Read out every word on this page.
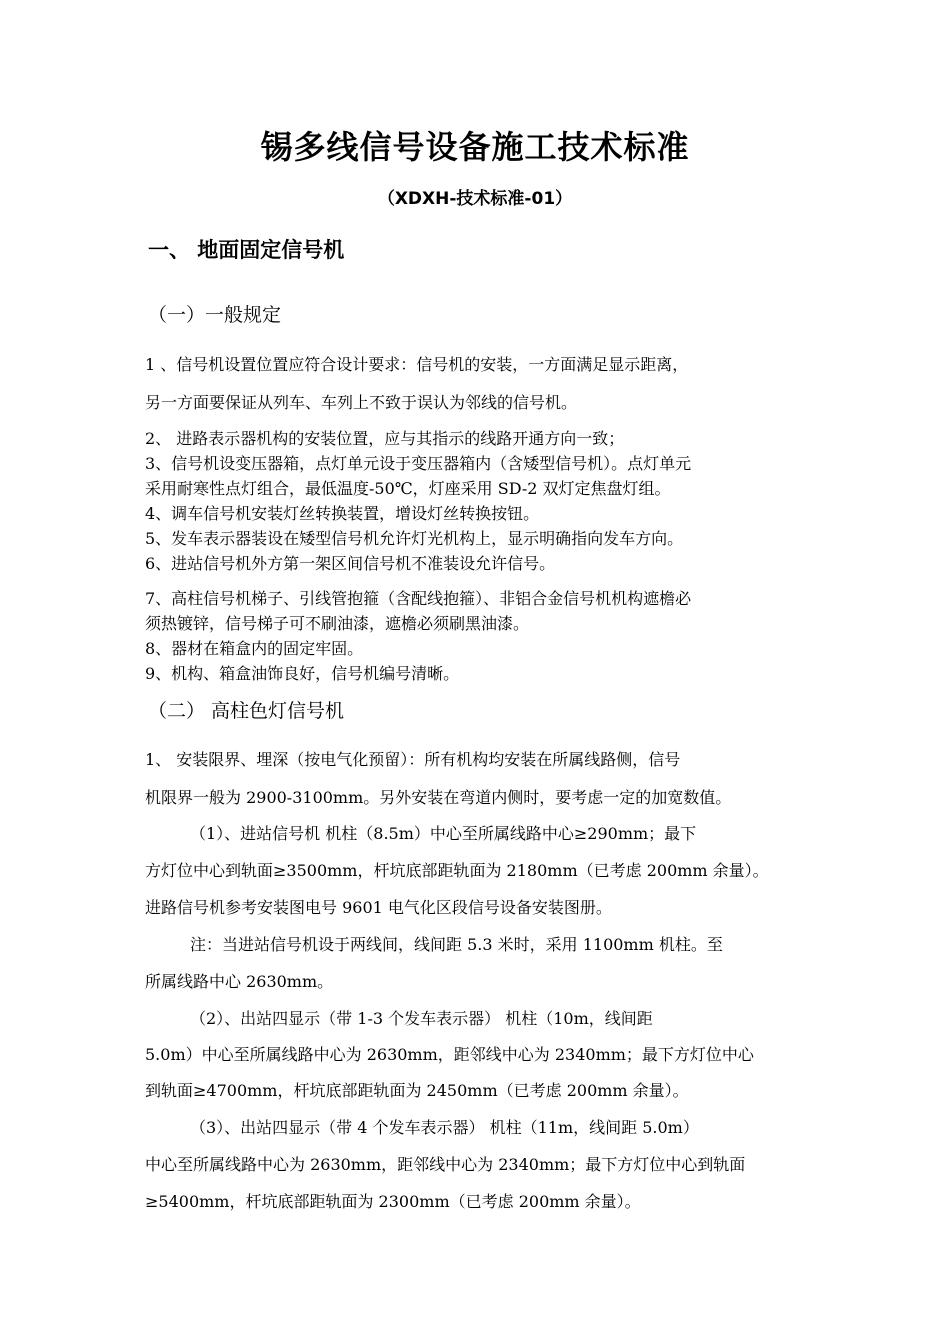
锡多线信号设备施工技术标准
（XDXH-技术标准-01）
一、 地面固定信号机
（一）一般规定
1 、信号机设置位置应符合设计要求：信号机的安装，一方面满足显示距离，
另一方面要保证从列车、车列上不致于误认为邻线的信号机。
2、 进路表示器机构的安装位置，应与其指示的线路开通方向一致；
3、信号机设变压器箱，点灯单元设于变压器箱内（含矮型信号机）。点灯单元
采用耐寒性点灯组合，最低温度-50℃，灯座采用 SD-2 双灯定焦盘灯组。
4、调车信号机安装灯丝转换装置，增设灯丝转换按钮。
5、发车表示器装设在矮型信号机允许灯光机构上，显示明确指向发车方向。
6、进站信号机外方第一架区间信号机不准装设允许信号。
7、高柱信号机梯子、引线管抱箍（含配线抱箍）、非铝合金信号机机构遮檐必
须热镀锌，信号梯子可不刷油漆，遮檐必须刷黑油漆。
8、器材在箱盒内的固定牢固。
9、机构、箱盒油饰良好，信号机编号清晰。
（二） 高柱色灯信号机
1、 安装限界、埋深（按电气化预留）：所有机构均安装在所属线路侧，信号
机限界一般为 2900-3100mm。另外安装在弯道内侧时，要考虑一定的加宽数值。
（1）、进站信号机 机柱（8.5m）中心至所属线路中心≥290mm；最下
方灯位中心到轨面≥3500mm，杆坑底部距轨面为 2180mm（已考虑 200mm 余量）。
进路信号机参考安装图电号 9601 电气化区段信号设备安装图册。
注：当进站信号机设于两线间，线间距 5.3 米时，采用 1100mm 机柱。至
所属线路中心 2630mm。
（2）、出站四显示（带 1-3 个发车表示器） 机柱（10m，线间距
5.0m）中心至所属线路中心为 2630mm，距邻线中心为 2340mm；最下方灯位中心
到轨面≥4700mm，杆坑底部距轨面为 2450mm（已考虑 200mm 余量）。
（3）、出站四显示（带 4 个发车表示器） 机柱（11m，线间距 5.0m）
中心至所属线路中心为 2630mm，距邻线中心为 2340mm；最下方灯位中心到轨面
≥5400mm，杆坑底部距轨面为 2300mm（已考虑 200mm 余量）。
